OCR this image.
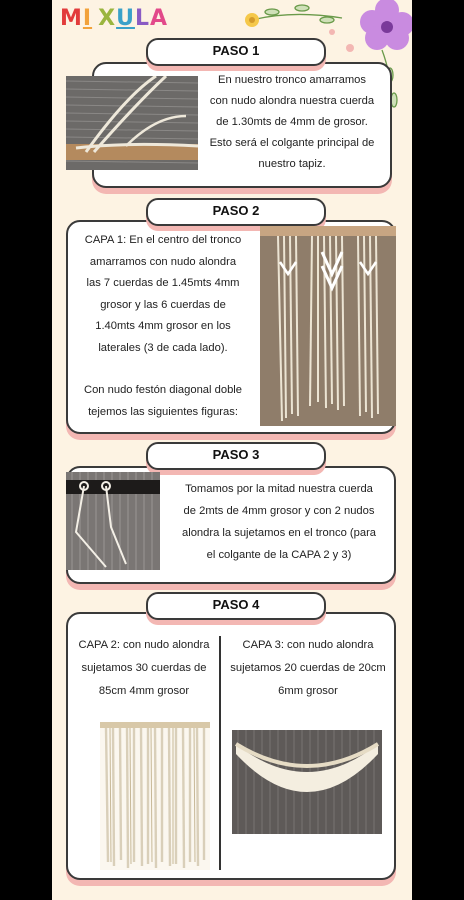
MI XULA
PASO 1
En nuestro tronco amarramos
con nudo alondra nuestra cuerda
de 1.30mts de 4mm de grosor.
Esto será el colgante principal de
nuestro tapiz.
PASO 2
CAPA 1: En el centro del tronco
amarramos con nudo alondra
las 7 cuerdas de 1.45mts 4mm
grosor y las 6 cuerdas de
1.40mts 4mm grosor en los
laterales (3 de cada lado).
Con nudo festón diagonal doble
tejemos las siguientes figuras:
PASO 3
Tomamos por la mitad nuestra cuerda
de 2mts de 4mm grosor y con 2 nudos
alondra la sujetamos en el tronco (para
el colgante de la CAPA 2 y 3)
PASO 4
CAPA 2: con nudo alondra
sujetamos 30 cuerdas de
85cm 4mm grosor
CAPA 3: con nudo alondra
sujetamos 20 cuerdas de 20cm
6mm grosor
